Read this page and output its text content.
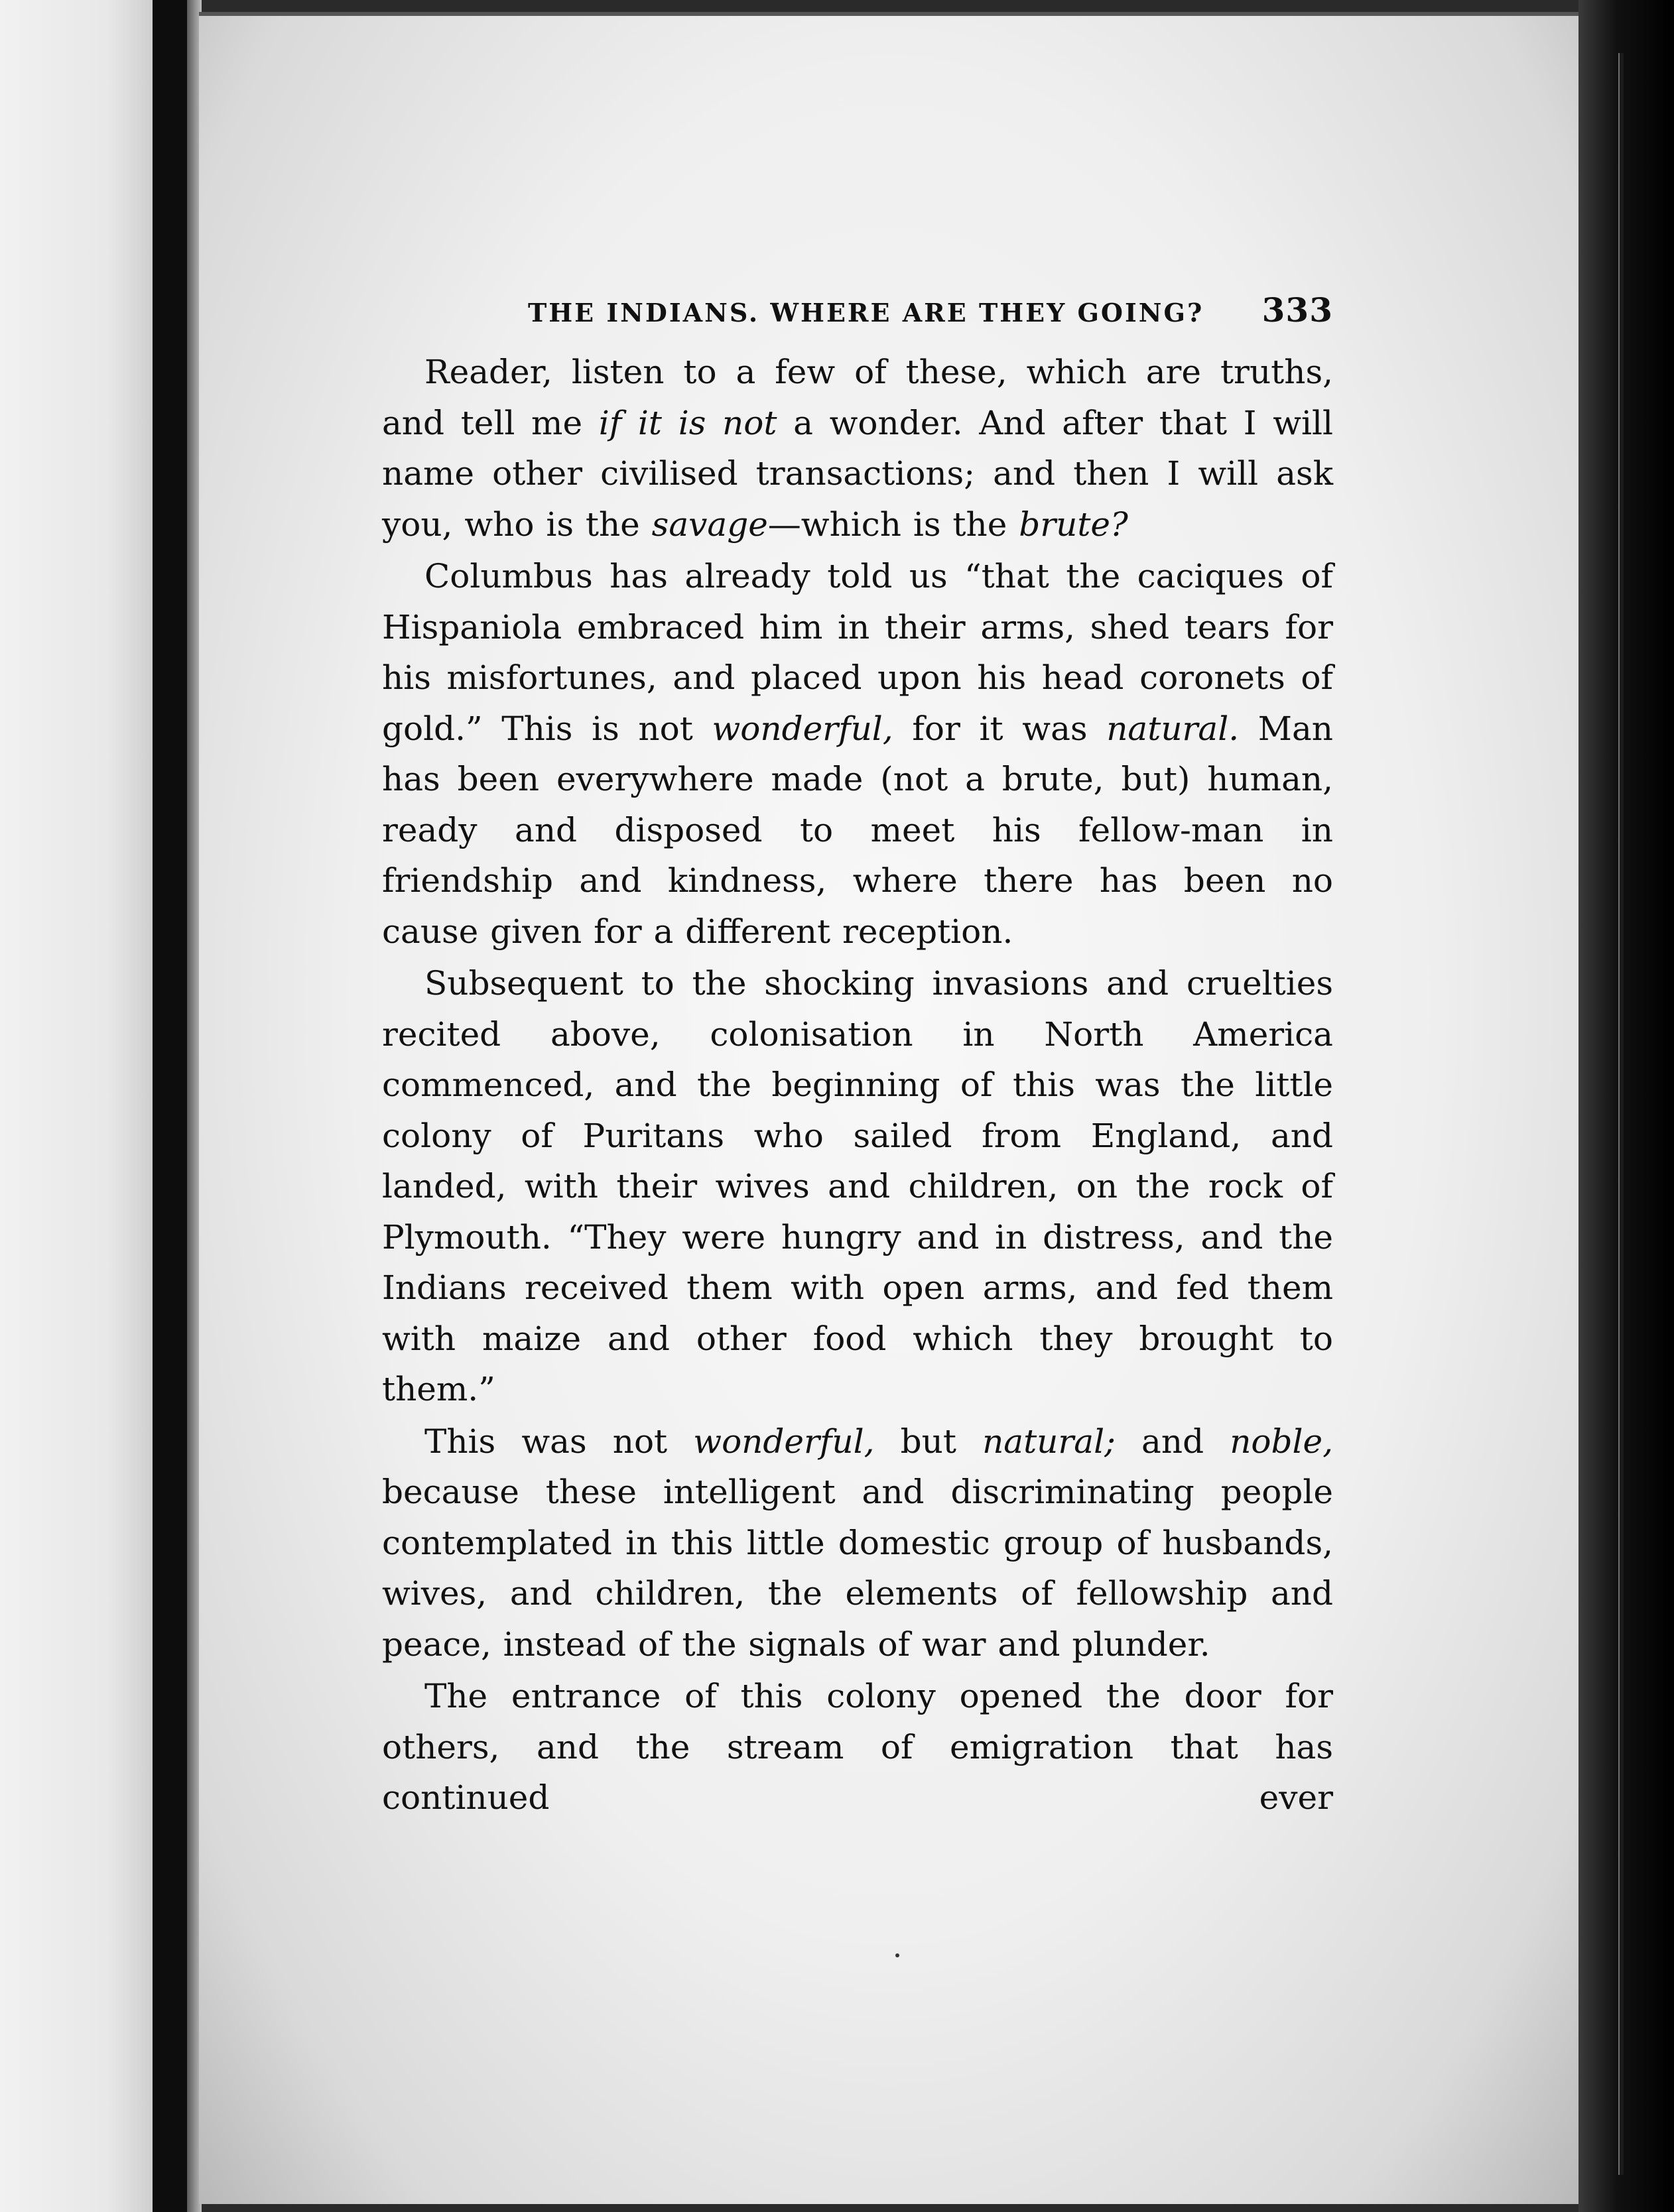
THE INDIANS. WHERE ARE THEY GOING? 333

Reader, listen to a few of these, which are truths, and tell me if it is not a wonder. And after that I will name other civilised transactions; and then I will ask you, who is the savage—which is the brute?

Columbus has already told us “that the caciques of Hispaniola embraced him in their arms, shed tears for his misfortunes, and placed upon his head coronets of gold.” This is not wonderful, for it was natural. Man has been everywhere made (not a brute, but) human, ready and disposed to meet his fellow-man in friendship and kindness, where there has been no cause given for a different reception.

Subsequent to the shocking invasions and cruelties recited above, colonisation in North America commenced, and the beginning of this was the little colony of Puritans who sailed from England, and landed, with their wives and children, on the rock of Plymouth. “They were hungry and in distress, and the Indians received them with open arms, and fed them with maize and other food which they brought to them.”

This was not wonderful, but natural; and noble, because these intelligent and discriminating people contemplated in this little domestic group of husbands, wives, and children, the elements of fellowship and peace, instead of the signals of war and plunder.

The entrance of this colony opened the door for others, and the stream of emigration that has continued ever
